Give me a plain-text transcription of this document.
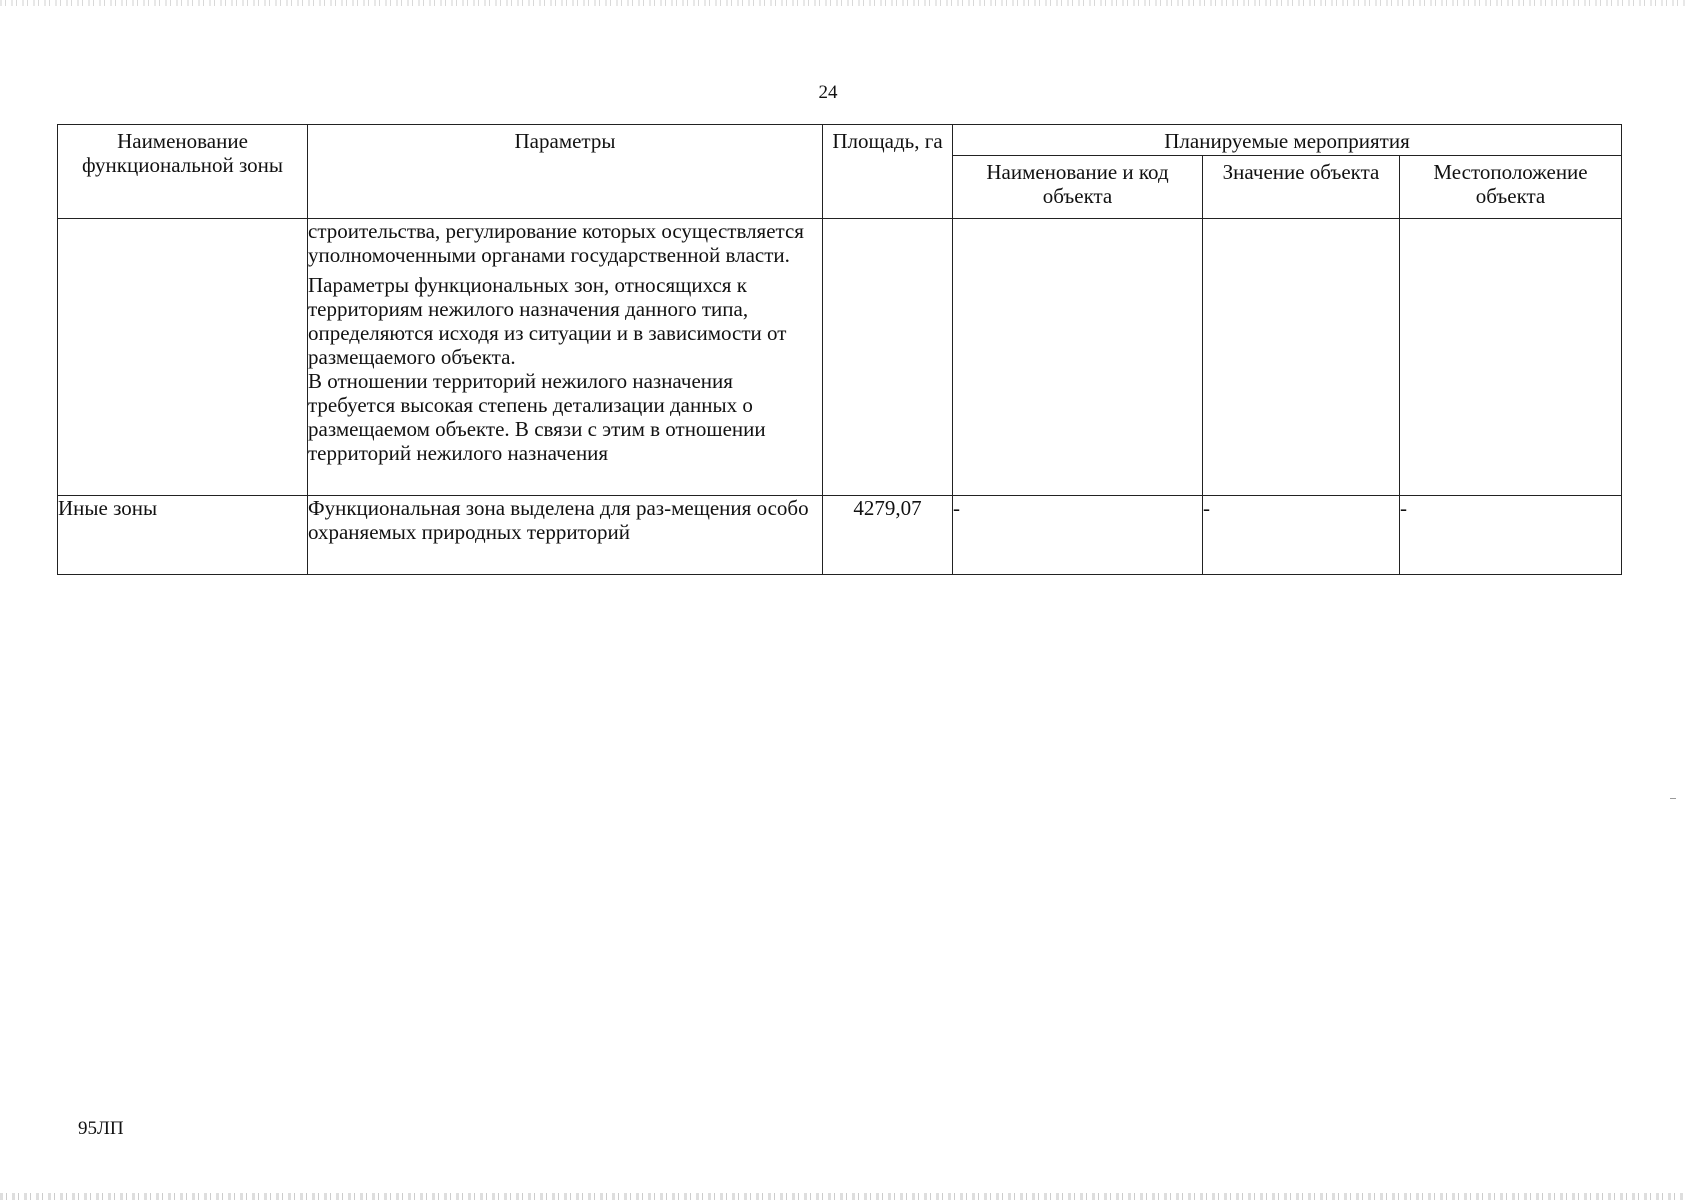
24
Наименование функциональной зоны	Параметры	Площадь, га	Планируемые мероприятия		
			Наименование и код объекта	Значение объекта	Местоположение объекта

	строительства, регулирование которых осуществляется уполномоченными органами государственной власти.

Параметры функциональных зон, относящихся к территориям нежилого назначения данного типа, определяются исходя из ситуации и в зависимости от размещаемого объекта.

В отношении территорий нежилого назначения требуется высокая степень детализации данных о размещаемом объекте. В связи с этим в отношении территорий нежилого назначения				

Иные зоны	Функциональная зона выделена для раз-мещения особо охраняемых природных территорий	4279,07	-	-	-
95ЛП
